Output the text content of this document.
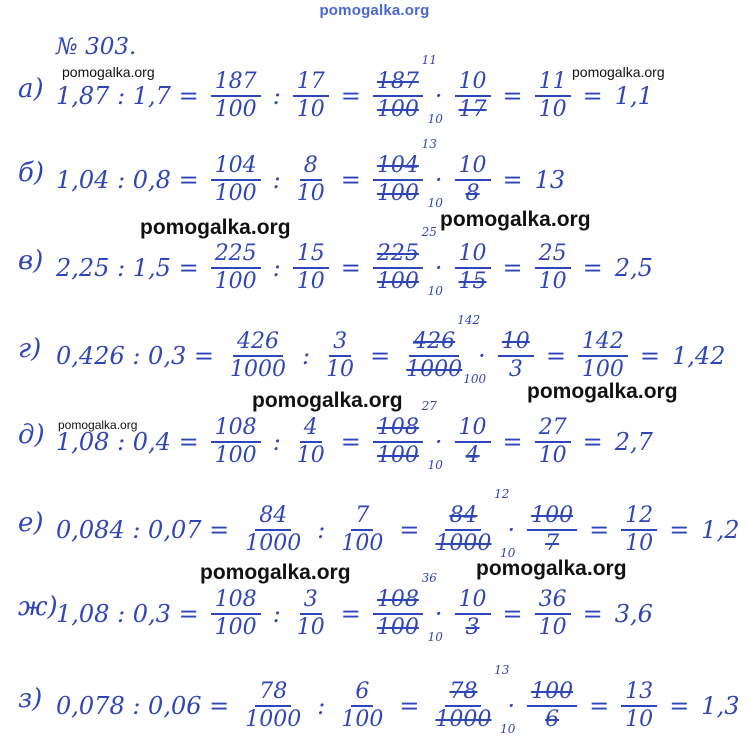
pomogalka.org
№ 303.
а) 1,87 : $1,7 = \frac{187}{100}$ : $\frac{17}{10}$ =
11
187
100 10
· $\frac{10}{17} = \frac{11}{10} = 1,1$
б) 1,04 : $0,8 = \frac{104}{100}$ : $\frac{8}{10}$ =
13
104
100 10
· $\frac{10}{8} = 13$
в) 2,25 : $1,5 = \frac{225}{100}$ : $\frac{15}{10}$ =
25
225
100 10
· $\frac{10}{15} = \frac{25}{10} = 2,5$
г) 0,426 : $0,3 = \frac{426}{1000}$ : $\frac{3}{10}$ =
142
426
1000 100
· $\frac{10}{3} = \frac{142}{100} = 1,42$
д) 1,08 : $0,4 = \frac{108}{100}$ : $\frac{4}{10}$ =
27
108
100 10
· $\frac{10}{4} = \frac{27}{10} = 2,7$
е) 0,084 : $0,07 = \frac{84}{1000}$ : $\frac{7}{100}$ =
12
84
1000 10
· $\frac{100}{7} = \frac{12}{10} = 1,2$
ж)
1,08 : $0,3 = \frac{108}{100}$ : $\frac{3}{10}$ =
36
108
100 10
· $\frac{10}{3} = \frac{36}{10} = 3,6$
з) 0,078 : $0,06 = \frac{78}{1000}$ : $\frac{6}{100}$ =
13
78
1000 10
· $\frac{100}{6} = \frac{13}{10} = 1,3$
pomogalka.org	pomogalka.org
pomogalka.org	pomogalka.org
pomogalka.org	pomogalka.org
pomogalka.org
pomogalka.org	pomogalka.org
